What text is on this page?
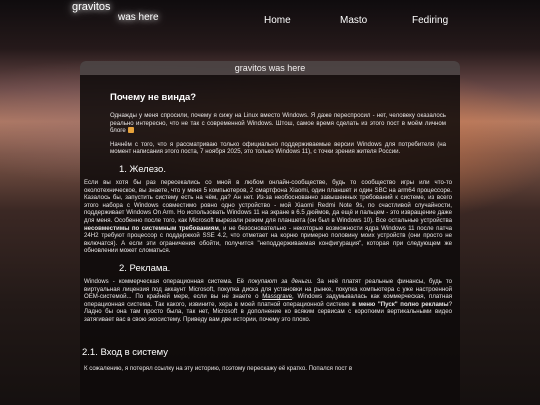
gravitos
was here	Home	Masto	Fediring
gravitos was here
Почему не винда?

Однажды у меня спросили, почему я сижу на Linux вместо Windows. Я даже переспросил - нет, человеку оказалось реально интересно, что не так с современной Windows. Штош, самое время сделать из этого пост в моём личном блоге

Начнём с того, что я рассматриваю только официально поддерживаемые версии Windows для потребителя (на момент написания этого поста, 7 ноября 2025, это только Windows 11), с точки зрения жителя России.

1. Железо.

Если вы хотя бы раз пересекались со мной в любом онлайн-сообществе, будь то сообщество игры или что-то околотехническое, вы знаете, что у меня 5 компьютеров, 2 смартфона Xiaomi, один планшет и один SBC на arm64 процессоре. Казалось бы, запустить систему есть на чём, да? Ан нет. Из-за необоснованно завышенных требований к системе, из всего этого набора с Windows совместимо ровно одно устройство - мой Xiaomi Redmi Note 9s, по счастливой случайности, поддерживает Windows On Arm. Но использовать Windows 11 на экране в 6.5 дюймов, да ещё и пальцем - это извращение даже для меня. Особенно после того, как Microsoft вырезали режим для планшета (он был в Windows 10). Все остальные устройства несовместимы по системным требованиям, и не безосновательно - некоторые возможности ядра Windows 11 после патча 24H2 требуют процессор с поддержкой SSE 4.2, что отметает на корню примерно половину моих устройств (они просто не включатся). А если эти ограничения обойти, получится "неподдерживаемая конфигурация", которая при следующем же обновлении может сломаться.

2. Реклама.

Windows - коммерческая операционная система. Её покупают за деньги. За неё платят реальные финансы, будь то виртуальная лицензия под аккаунт Microsoft, покупка диска для установки на рынке, покупка компьютера с уже настроенной OEM-системой... По крайней мере, если вы не знаете о Massgrave, Windows задумывалась как коммерческая, платная операционная система. Так какого, извините, хера в моей платной операционной системе в меню "Пуск" полно рекламы? Ладно бы она там просто была, так нет, Microsoft в дополнение ко всяким сервисам с короткими вертикальными видео затягивает вас в свою экосистему. Приведу вам две истории, почему это плохо.

2.1. Вход в систему

К сожалению, я потерял ссылку на эту историю, поэтому перескажу её кратко. Попался пост в
